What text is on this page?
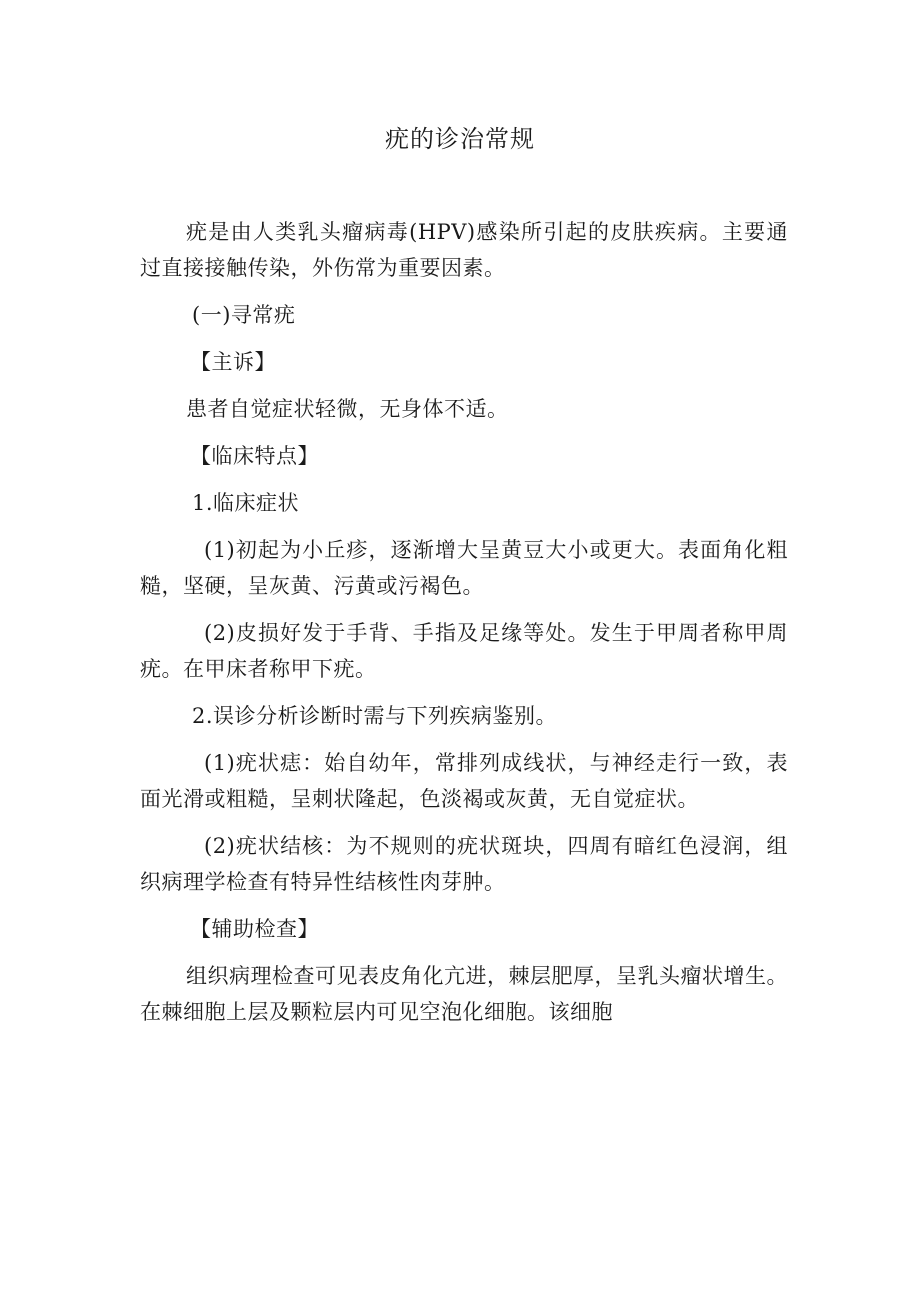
疣的诊治常规

疣是由人类乳头瘤病毒(HPV)感染所引起的皮肤疾病。主要通过直接接触传染，外伤常为重要因素。

(一)寻常疣

【主诉】

患者自觉症状轻微，无身体不适。

【临床特点】

1.临床症状

(1)初起为小丘疹，逐渐增大呈黄豆大小或更大。表面角化粗糙，坚硬，呈灰黄、污黄或污褐色。

(2)皮损好发于手背、手指及足缘等处。发生于甲周者称甲周疣。在甲床者称甲下疣。

2.误诊分析诊断时需与下列疾病鉴别。

(1)疣状痣：始自幼年，常排列成线状，与神经走行一致，表面光滑或粗糙，呈刺状隆起，色淡褐或灰黄，无自觉症状。

(2)疣状结核：为不规则的疣状斑块，四周有暗红色浸润，组织病理学检查有特异性结核性肉芽肿。

【辅助检查】

组织病理检查可见表皮角化亢进，棘层肥厚，呈乳头瘤状增生。在棘细胞上层及颗粒层内可见空泡化细胞。该细胞
